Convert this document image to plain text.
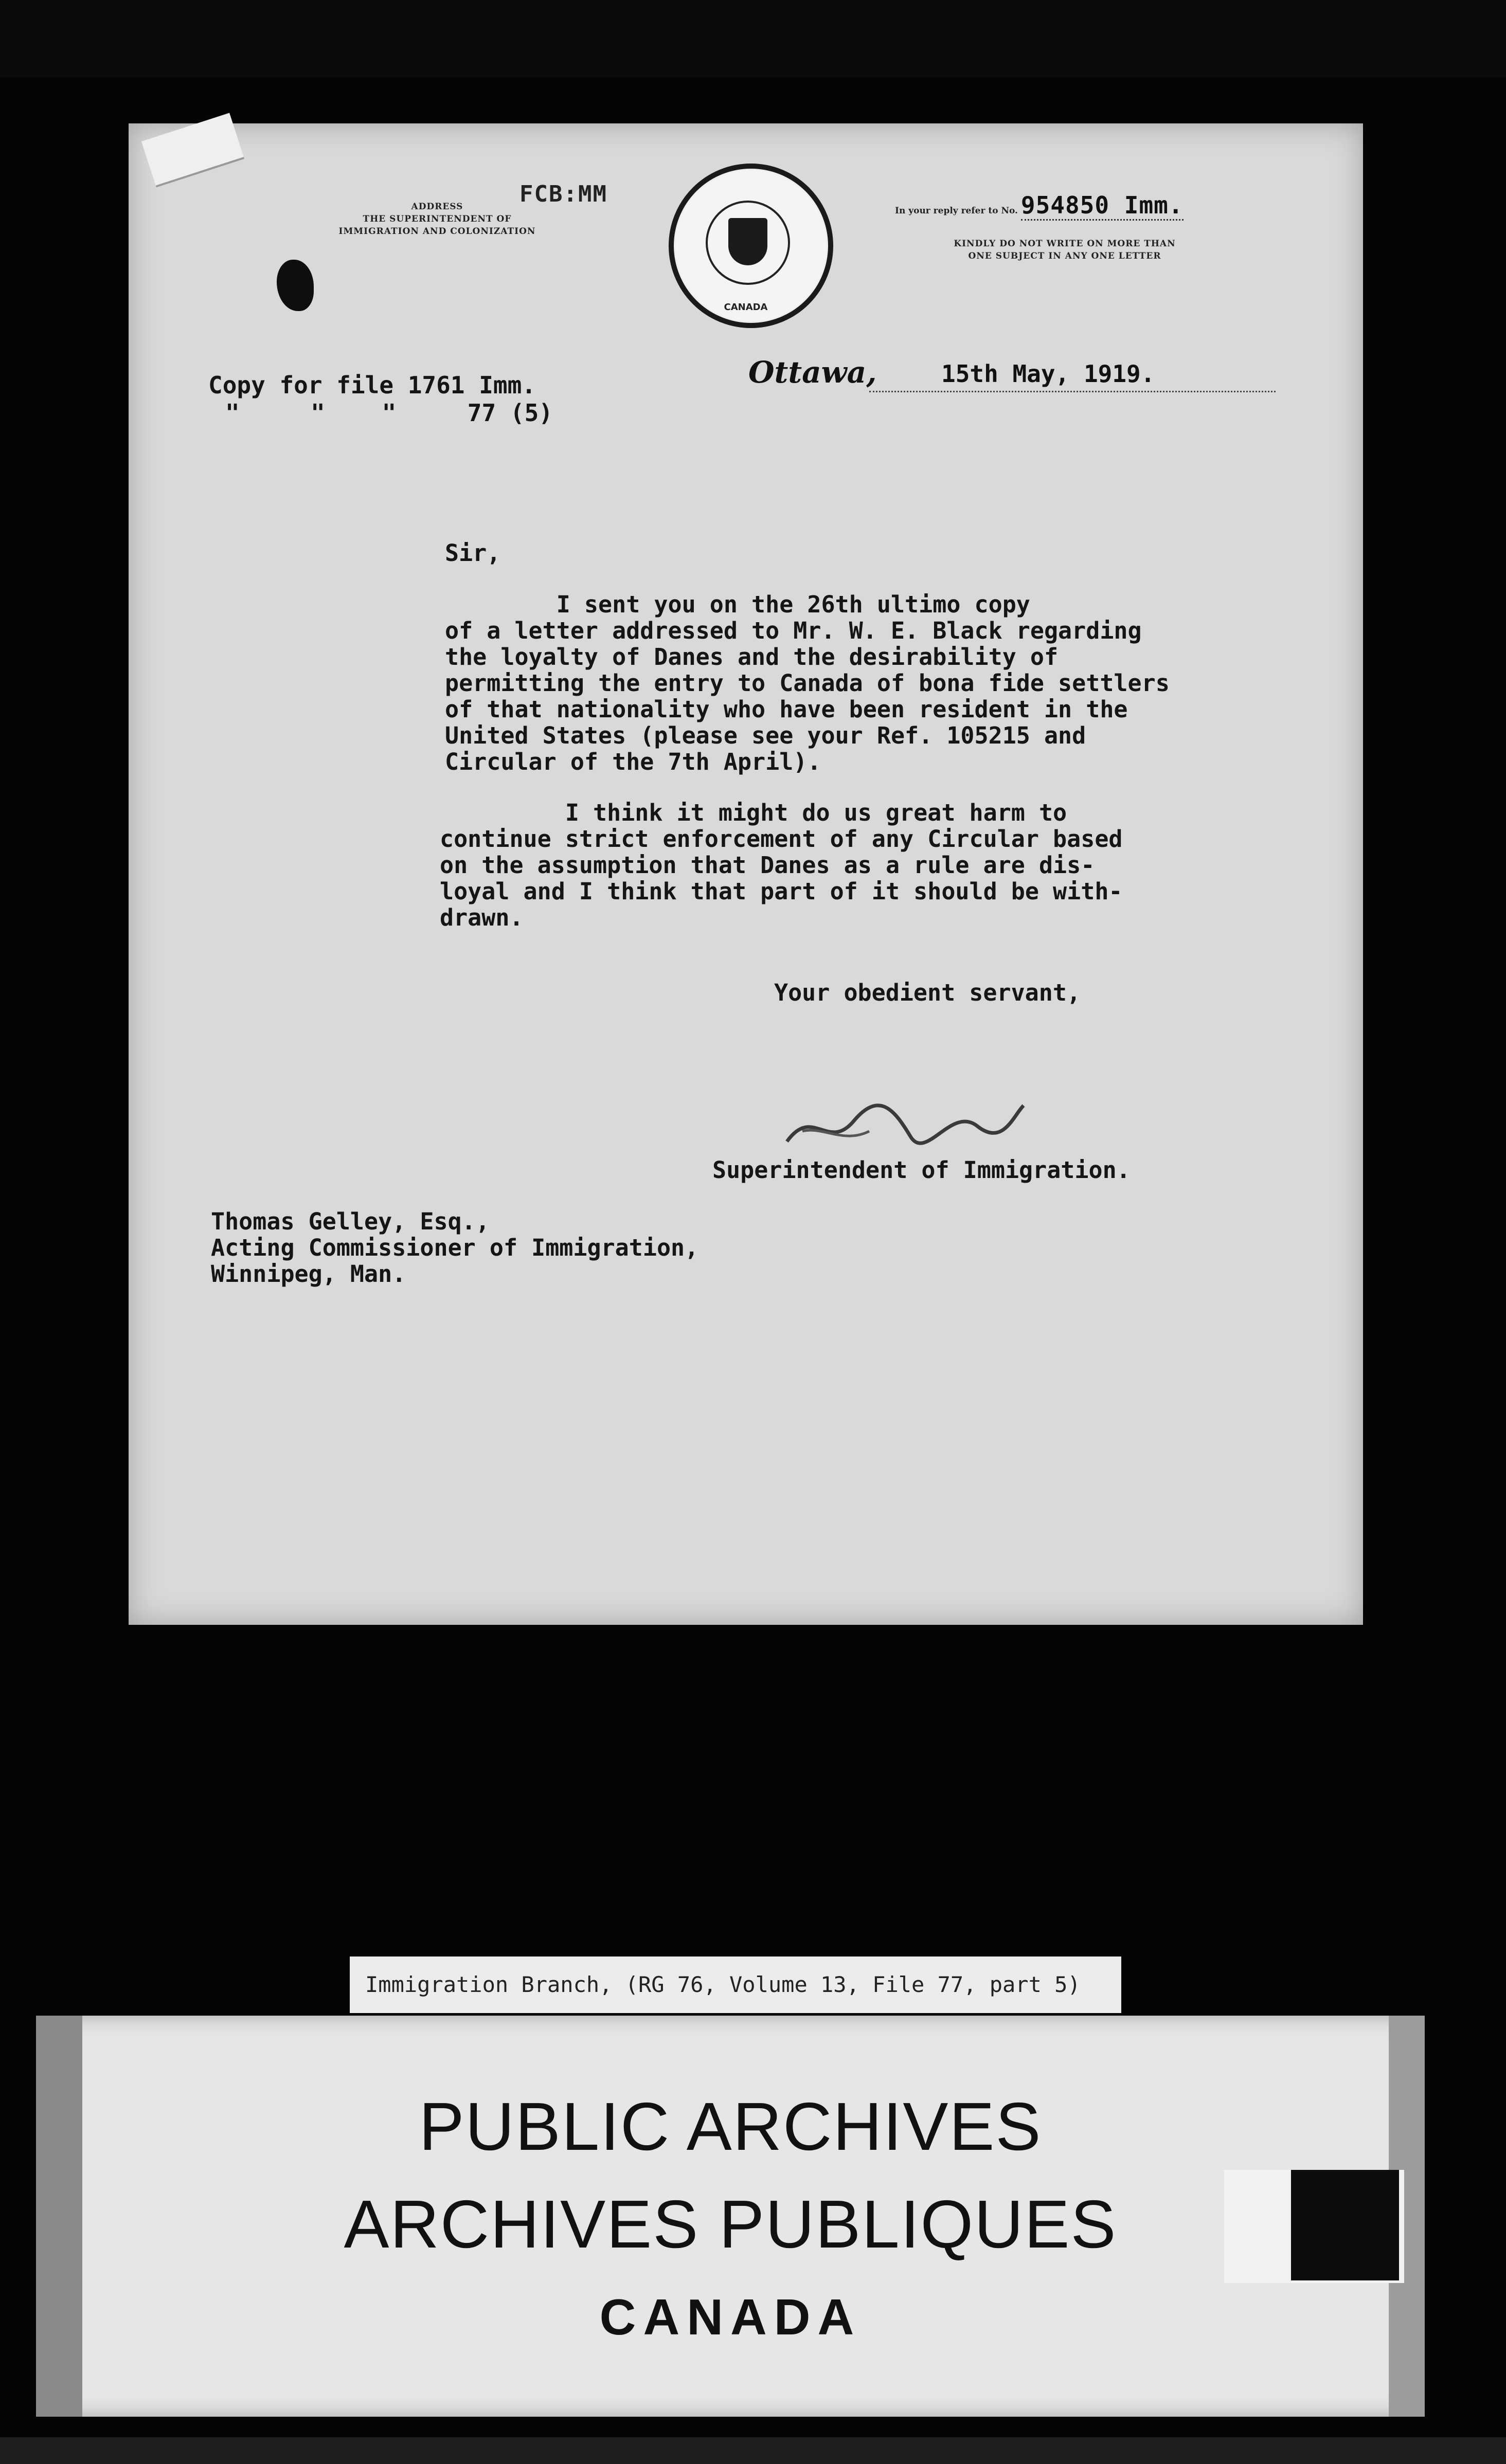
ADDRESS
THE SUPERINTENDENT OF
IMMIGRATION AND COLONIZATION
FCB:MM
CANADA
In your reply refer to No. 954850 Imm.
KINDLY DO NOT WRITE ON MORE THAN
ONE SUBJECT IN ANY ONE LETTER
Copy for file 1761 Imm.
"     "    "     77 (5)
Ottawa,	15th May, 1919.
Sir,
I sent you on the 26th ultimo copy
of a letter addressed to Mr. W. E. Black regarding
the loyalty of Danes and the desirability of
permitting the entry to Canada of bona fide settlers
of that nationality who have been resident in the
United States (please see your Ref. 105215 and
Circular of the 7th April).
I think it might do us great harm to
continue strict enforcement of any Circular based
on the assumption that Danes as a rule are dis-
loyal and I think that part of it should be with-
drawn.
Your obedient servant,
Superintendent of Immigration.
Thomas Gelley, Esq.,
Acting Commissioner of Immigration,
Winnipeg, Man.
Immigration Branch, (RG 76, Volume 13, File 77, part 5)
PUBLIC ARCHIVES
ARCHIVES PUBLIQUES
CANADA
